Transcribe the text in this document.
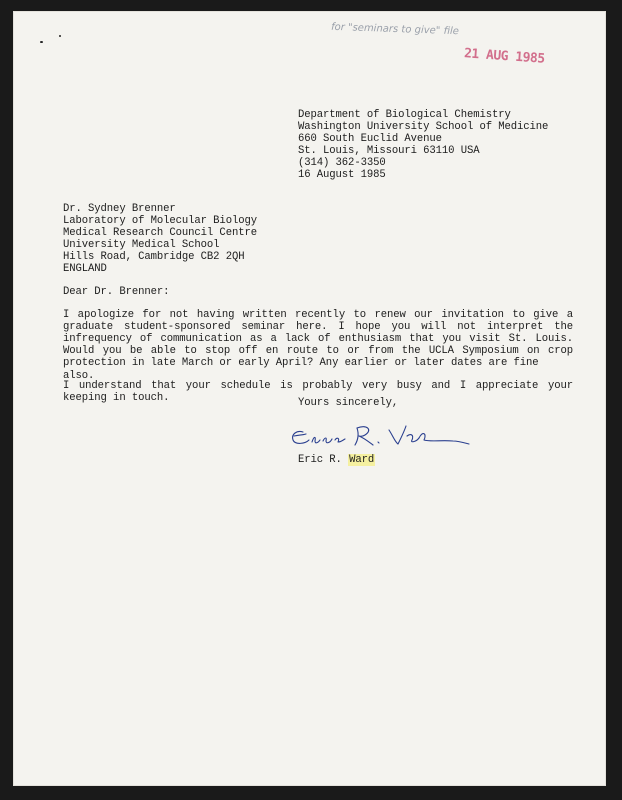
for "seminars to give" file
21 AUG 1985
Department of Biological Chemistry
Washington University School of Medicine
660 South Euclid Avenue
St. Louis, Missouri 63110 USA
(314) 362-3350
16 August 1985
Dr. Sydney Brenner
Laboratory of Molecular Biology
Medical Research Council Centre
University Medical School
Hills Road, Cambridge CB2 2QH
ENGLAND
Dear Dr. Brenner:
I apologize for not having written recently to renew our invitation to give a
graduate student-sponsored seminar here. I hope you will not interpret the
infrequency of communication as a lack of enthusiasm that you visit St. Louis.
Would you be able to stop off en route to or from the UCLA Symposium on crop
protection in late March or early April? Any earlier or later dates are fine also.
I understand that your schedule is probably very busy and I appreciate your
keeping in touch.	Yours sincerely,
Eric R. Ward
